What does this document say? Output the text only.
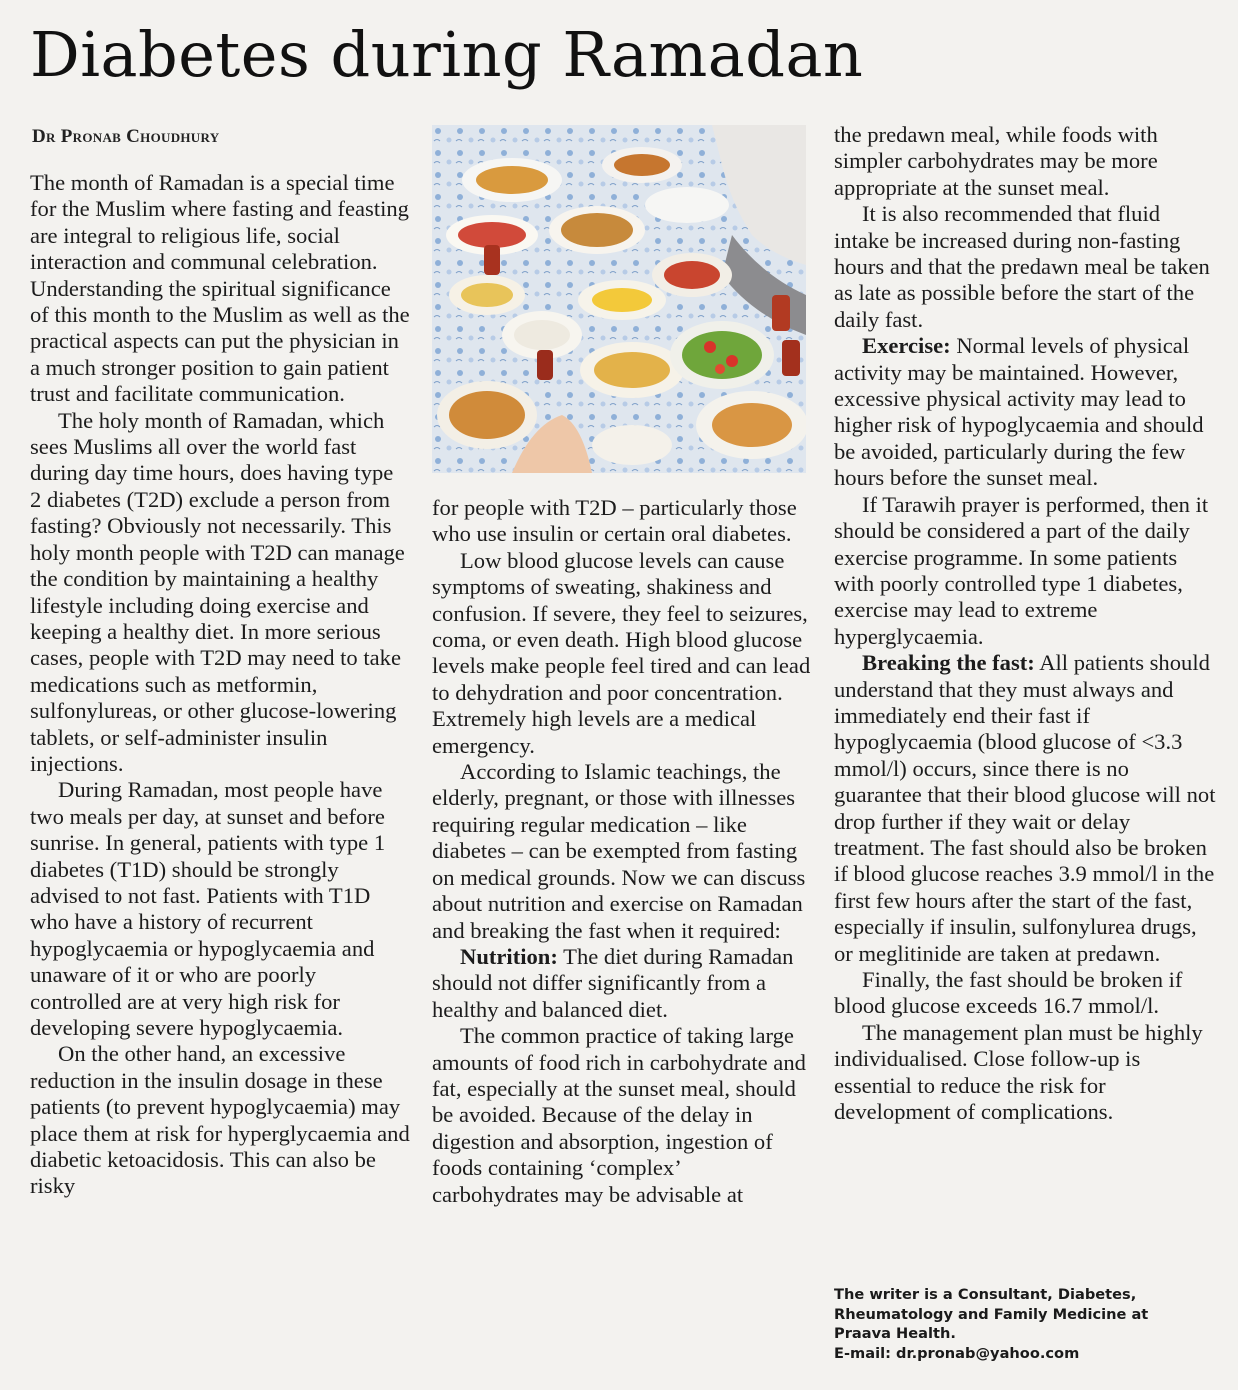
Diabetes during Ramadan
Dr Pronab Choudhury

The month of Ramadan is a special time for the Muslim where fasting and feasting are integral to religious life, social interaction and communal celebration. Understanding the spiritual significance of this month to the Muslim as well as the practical aspects can put the physician in a much stronger position to gain patient trust and facilitate communication.

The holy month of Ramadan, which sees Muslims all over the world fast during day time hours, does having type 2 diabetes (T2D) exclude a person from fasting? Obviously not necessarily. This holy month people with T2D can manage the condition by maintaining a healthy lifestyle including doing exercise and keeping a healthy diet. In more serious cases, people with T2D may need to take medications such as metformin, sulfonylureas, or other glucose-lowering tablets, or self-administer insulin injections.

During Ramadan, most people have two meals per day, at sunset and before sunrise. In general, patients with type 1 diabetes (T1D) should be strongly advised to not fast. Patients with T1D who have a history of recurrent hypoglycaemia or hypoglycaemia and unaware of it or who are poorly controlled are at very high risk for developing severe hypoglycaemia.

On the other hand, an excessive reduction in the insulin dosage in these patients (to prevent hypoglycaemia) may place them at risk for hyperglycaemia and diabetic ketoacidosis. This can also be risky

for people with T2D – particularly those who use insulin or certain oral diabetes.

Low blood glucose levels can cause symptoms of sweating, shakiness and confusion. If severe, they feel to seizures, coma, or even death. High blood glucose levels make people feel tired and can lead to dehydration and poor concentration. Extremely high levels are a medical emergency.

According to Islamic teachings, the elderly, pregnant, or those with illnesses requiring regular medication – like diabetes – can be exempted from fasting on medical grounds. Now we can discuss about nutrition and exercise on Ramadan and breaking the fast when it required:

Nutrition: The diet during Ramadan should not differ significantly from a healthy and balanced diet.

The common practice of taking large amounts of food rich in carbohydrate and fat, especially at the sunset meal, should be avoided. Because of the delay in digestion and absorption, ingestion of foods containing ‘complex’ carbohydrates may be advisable at

the predawn meal, while foods with simpler carbohydrates may be more appropriate at the sunset meal.

It is also recommended that fluid intake be increased during non-fasting hours and that the predawn meal be taken as late as possible before the start of the daily fast.

Exercise: Normal levels of physical activity may be maintained. However, excessive physical activity may lead to higher risk of hypoglycaemia and should be avoided, particularly during the few hours before the sunset meal.

If Tarawih prayer is performed, then it should be considered a part of the daily exercise programme. In some patients with poorly controlled type 1 diabetes, exercise may lead to extreme hyperglycaemia.

Breaking the fast: All patients should understand that they must always and immediately end their fast if hypoglycaemia (blood glucose of <3.3 mmol/l) occurs, since there is no guarantee that their blood glucose will not drop further if they wait or delay treatment. The fast should also be broken if blood glucose reaches 3.9 mmol/l in the first few hours after the start of the fast, especially if insulin, sulfonylurea drugs, or meglitinide are taken at predawn.

Finally, the fast should be broken if blood glucose exceeds 16.7 mmol/l.

The management plan must be highly individualised. Close follow-up is essential to reduce the risk for development of complications.

The writer is a Consultant, Diabetes,
Rheumatology and Family Medicine at
Praava Health.
E-mail: dr.pronab@yahoo.com
